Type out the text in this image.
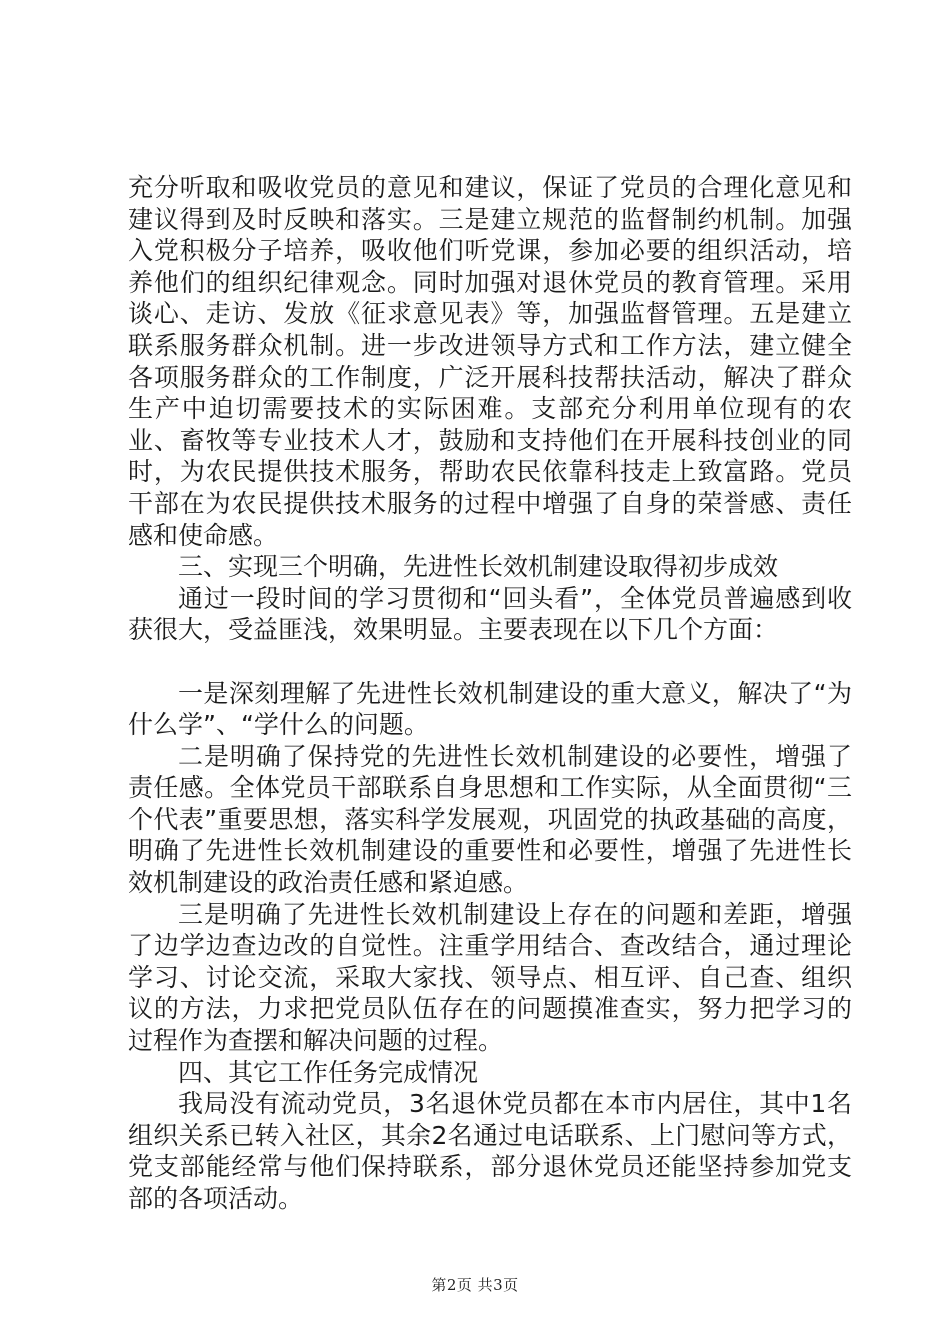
充分听取和吸收党员的意见和建议，保证了党员的合理化意见和建议得到及时反映和落实。三是建立规范的监督制约机制。加强入党积极分子培养，吸收他们听党课，参加必要的组织活动，培养他们的组织纪律观念。同时加强对退休党员的教育管理。采用谈心、走访、发放《征求意见表》等，加强监督管理。五是建立联系服务群众机制。进一步改进领导方式和工作方法，建立健全各项服务群众的工作制度，广泛开展科技帮扶活动，解决了群众生产中迫切需要技术的实际困难。支部充分利用单位现有的农业、畜牧等专业技术人才，鼓励和支持他们在开展科技创业的同时，为农民提供技术服务，帮助农民依靠科技走上致富路。党员干部在为农民提供技术服务的过程中增强了自身的荣誉感、责任感和使命感。

三、实现三个明确，先进性长效机制建设取得初步成效

通过一段时间的学习贯彻和“回头看”，全体党员普遍感到收获很大，受益匪浅，效果明显。主要表现在以下几个方面：

一是深刻理解了先进性长效机制建设的重大意义，解决了“为什么学”、“学什么的问题。

二是明确了保持党的先进性长效机制建设的必要性，增强了责任感。全体党员干部联系自身思想和工作实际，从全面贯彻“三个代表”重要思想，落实科学发展观，巩固党的执政基础的高度，明确了先进性长效机制建设的重要性和必要性，增强了先进性长效机制建设的政治责任感和紧迫感。

三是明确了先进性长效机制建设上存在的问题和差距，增强了边学边查边改的自觉性。注重学用结合、查改结合，通过理论学习、讨论交流，采取大家找、领导点、相互评、自己查、组织议的方法，力求把党员队伍存在的问题摸准查实，努力把学习的过程作为查摆和解决问题的过程。

四、其它工作任务完成情况

我局没有流动党员，3名退休党员都在本市内居住，其中1名组织关系已转入社区，其余2名通过电话联系、上门慰问等方式，党支部能经常与他们保持联系，部分退休党员还能坚持参加党支部的各项活动。

第2页 共3页
